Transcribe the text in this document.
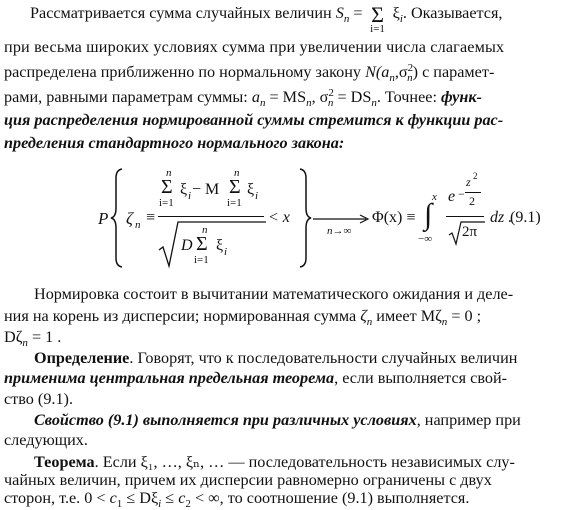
Рассматривается сумма случайных величин $S_n$ =
Σ
i=1
$\xi_i$. Оказывается,
при весьма широких условиях сумма при увеличении числа слагаемых
распределена приближенно по нормальному закону $N(a_n,\sigma^2_n)$ с парамет-
рами, равными параметрам суммы: $a_n = MS_n$, $\sigma^2_n = DS_n$. Точнее: функ-
ция распределения нормированной суммы стремится к функции рас-
пределения стандартного нормального закона:
P ζ n ≡
n
Σ
i=1
ξ i − M
n
Σ
i=1
ξ i
D
n
Σ
i=1
ξ i
< x
n→∞
Φ(x) ≡
x
∫
−∞
e −
z 2
2
2π
dz .
(9.1)
Нормировка состоит в вычитании математического ожидания и деле-
ния на корень из дисперсии; нормированная сумма $\zeta_n$ имеет $M\zeta_n = 0$ ;
$D\zeta_n = 1$ .
Определение. Говорят, что к последовательности случайных величин
применима центральная предельная теорема, если выполняется свой-
ство (9.1).
Свойство (9.1) выполняется при различных условиях, например при
следующих.
Теорема. Если ξ₁, …, ξₙ, … — последовательность независимых слу-
чайных величин, причем их дисперсии равномерно ограничены с двух
сторон, т.е. $0 < c_1 \le D\xi_i \le c_2$ < ∞, то соотношение (9.1) выполняется.
